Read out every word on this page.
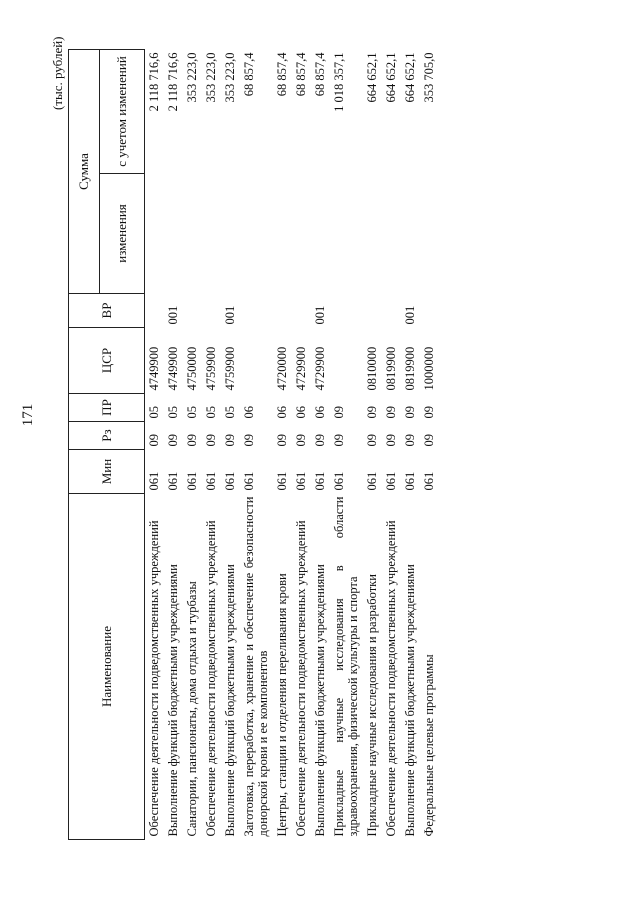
171
(тыс. рублей)
Наименование	Мин	Рз	ПР	ЦСР	ВР	Сумма	
						изменения	с учетом изменений
Обеспечение деятельности подведомственных учреждений	061	09	05	4749900			2 118 716,6
Выполнение функций бюджетными учреждениями	061	09	05	4749900	001		2 118 716,6
Санатории, пансионаты, дома отдыха и турбазы	061	09	05	4750000			353 223,0
Обеспечение деятельности подведомственных учреждений	061	09	05	4759900			353 223,0
Выполнение функций бюджетными учреждениями	061	09	05	4759900	001		353 223,0
Заготовка, переработка, хранение и обеспечение безопасности донорской крови и ее компонентов	061	09	06				68 857,4
Центры, станции и отделения переливания крови	061	09	06	4720000			68 857,4
Обеспечение деятельности подведомственных учреждений	061	09	06	4729900			68 857,4
Выполнение функций бюджетными учреждениями	061	09	06	4729900	001		68 857,4
Прикладные научные исследования в области здравоохранения, физической культуры и спорта	061	09	09				1 018 357,1
Прикладные научные исследования и разработки	061	09	09	0810000			664 652,1
Обеспечение деятельности подведомственных учреждений	061	09	09	0819900			664 652,1
Выполнение функций бюджетными учреждениями	061	09	09	0819900	001		664 652,1
Федеральные целевые программы	061	09	09	1000000			353 705,0
